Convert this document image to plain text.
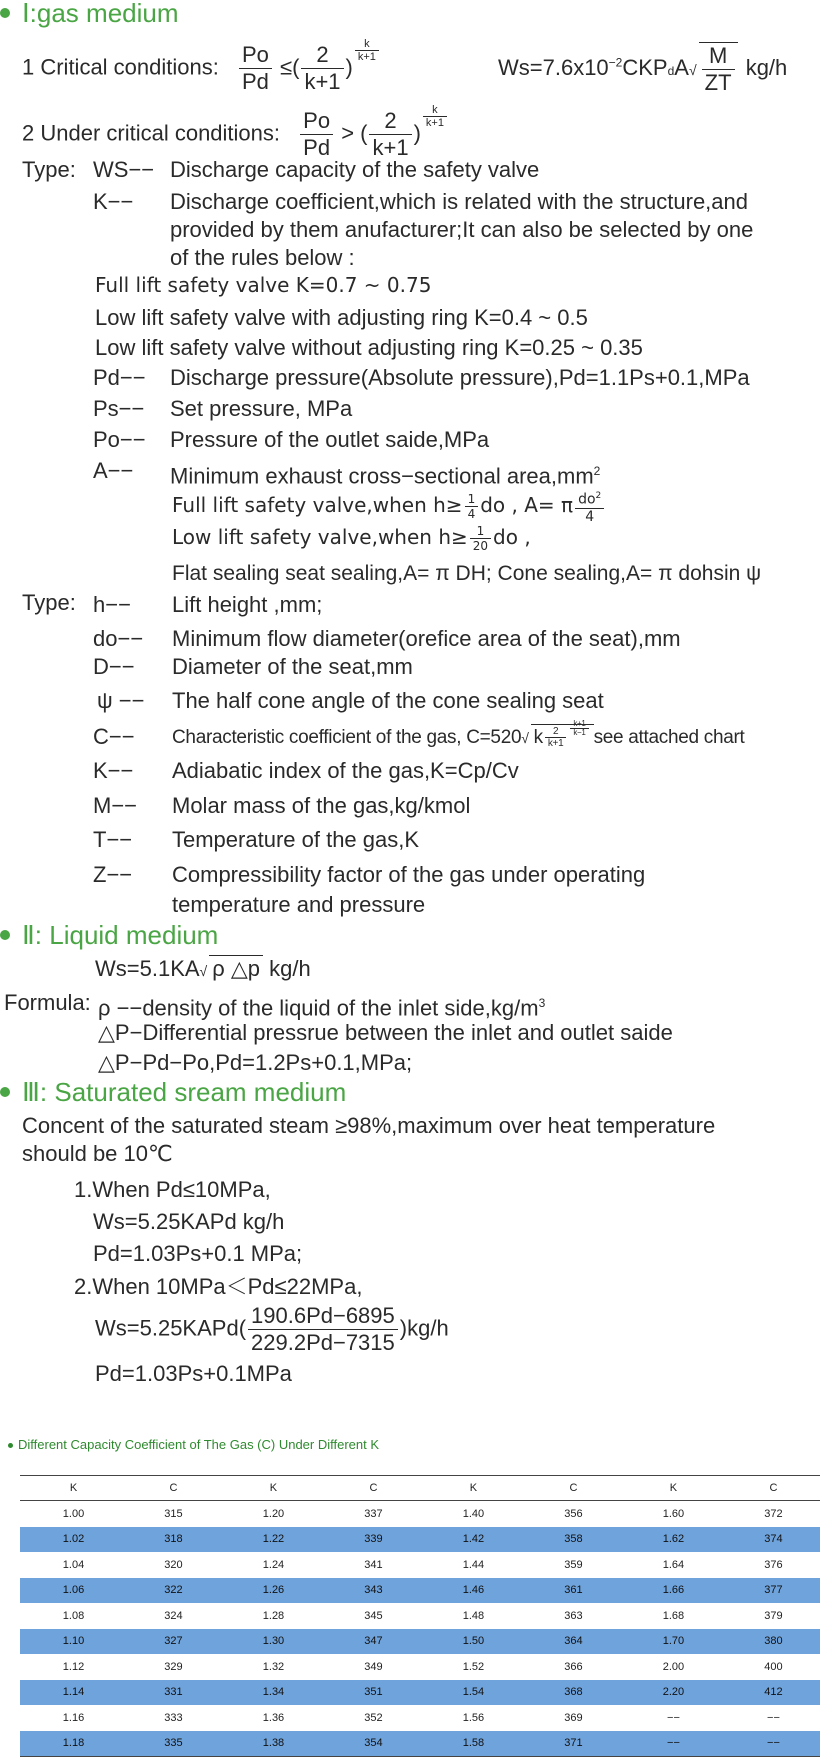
Ⅰ:gas medium
1 Critical conditions: $\frac{Po}{Pd}$ ≤( $\frac{2}{k+1}$ )
$\frac{k}{k+1}$
$Ws=7.6x10^{-2}CKPdA√ \frac{M}{ZT} kg/h$
2 Under critical conditions: $\frac{Po}{Pd}$ > ( $\frac{2}{k+1}$ )
$\frac{k}{k+1}$
Type: WS−− Discharge capacity of the safety valve
K−− Discharge coefficient,which is related with the structure,and
provided by them anufacturer;It can also be selected by one
of the rules below :
Full lift safety valve K=0.7 ~ 0.75
Low lift safety valve with adjusting ring K=0.4 ~ 0.5
Low lift safety valve without adjusting ring K=0.25 ~ 0.35
Pd−− Discharge pressure(Absolute pressure),Pd=1.1Ps+0.1,MPa
Ps−− Set pressure, MPa
Po−− Pressure of the outlet saide,MPa
A−− Minimum exhaust cross−sectional $area,mm^2$
Full lift safety valve,when $h\ge \frac{1}{4}$ do , A= π $\frac{do^2}{4}$
Low lift safety valve,when $h\ge \frac{1}{20}$ do ,
Flat sealing seat sealing,A= π DH; Cone sealing,A= π dohsin ψ
Type: h−− Lift height ,mm;
do−− Minimum flow diameter(orefice area of the seat),mm
D−− Diameter of the seat,mm
ψ −− The half cone angle of the cone sealing seat
C−− Characteristic coefficient of the gas, C=520√ k $\frac{2}{k+1} \frac{k+1}{k-1}$ see attached chart
K−− Adiabatic index of the gas,K=Cp/Cv
M−− Molar mass of the gas,kg/kmol
T−− Temperature of the gas,K
Z−− Compressibility factor of the gas under operating
temperature and pressure
Ⅱ: Liquid medium
Ws=5.1KA√ ρ △p kg/h
Formula: ρ −−density of the liquid of the inlet $side,kg/m^3$
△P−Differential pressrue between the inlet and outlet saide
△P−Pd−Po,Pd=1.2Ps+0.1,MPa;
Ⅲ: Saturated sream medium
Concent of the saturated steam ≥98%,maximum over heat temperature
should be 10℃
1.When Pd≤10MPa,
Ws=5.25KAPd kg/h
Pd=1.03Ps+0.1 MPa;
2.When 10MPa＜Pd≤22MPa,
Ws=5.25KAPd( $\frac{190.6Pd-6895}{229.2Pd-7315} )kg/h$
Pd=1.03Ps+0.1MPa
Different Capacity Coefficient of The Gas (C) Under Different K
K	C	K	C	K	C	K	C
1.00	315	1.20	337	1.40	356	1.60	372
1.02	318	1.22	339	1.42	358	1.62	374
1.04	320	1.24	341	1.44	359	1.64	376
1.06	322	1.26	343	1.46	361	1.66	377
1.08	324	1.28	345	1.48	363	1.68	379
1.10	327	1.30	347	1.50	364	1.70	380
1.12	329	1.32	349	1.52	366	2.00	400
1.14	331	1.34	351	1.54	368	2.20	412
1.16	333	1.36	352	1.56	369	−−	−−
1.18	335	1.38	354	1.58	371	−−	−−
